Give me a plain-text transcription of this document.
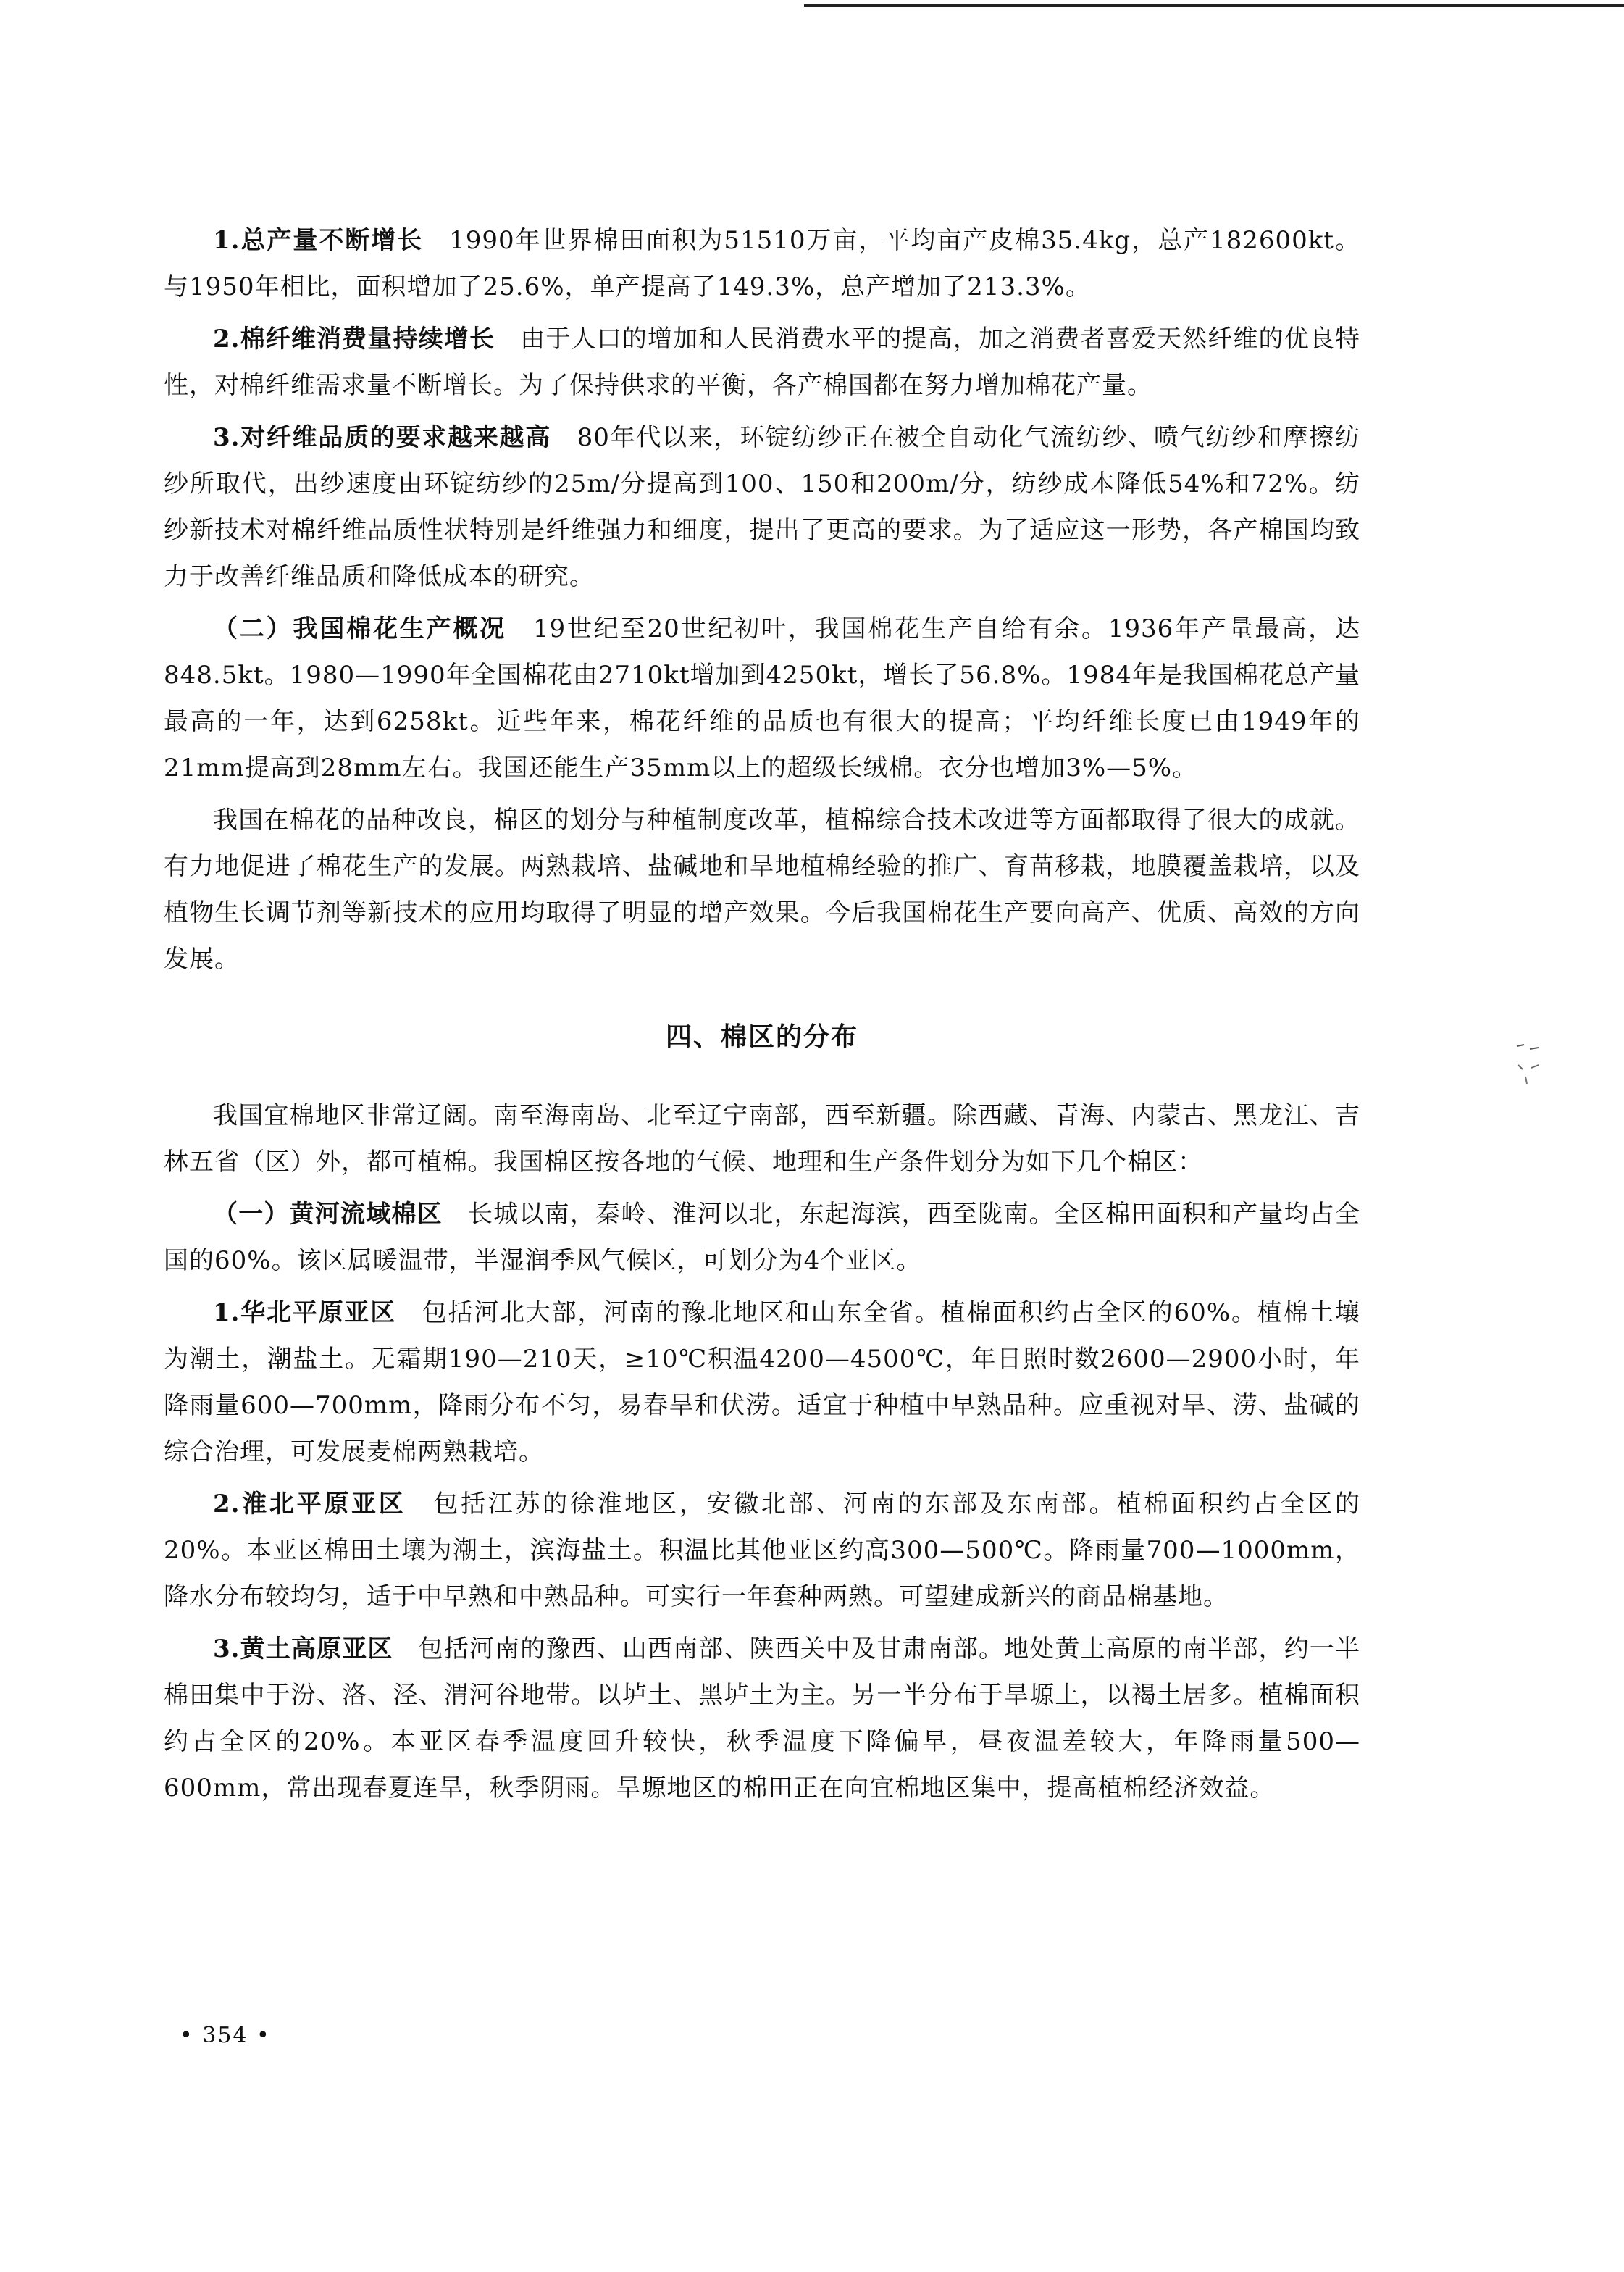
1.总产量不断增长　1990年世界棉田面积为51510万亩，平均亩产皮棉35.4kg，总产182600kt。与1950年相比，面积增加了25.6%，单产提高了149.3%，总产增加了213.3%。

2.棉纤维消费量持续增长　由于人口的增加和人民消费水平的提高，加之消费者喜爱天然纤维的优良特性，对棉纤维需求量不断增长。为了保持供求的平衡，各产棉国都在努力增加棉花产量。

3.对纤维品质的要求越来越高　80年代以来，环锭纺纱正在被全自动化气流纺纱、喷气纺纱和摩擦纺纱所取代，出纱速度由环锭纺纱的25m/分提高到100、150和200m/分，纺纱成本降低54%和72%。纺纱新技术对棉纤维品质性状特别是纤维强力和细度，提出了更高的要求。为了适应这一形势，各产棉国均致力于改善纤维品质和降低成本的研究。

（二）我国棉花生产概况　19世纪至20世纪初叶，我国棉花生产自给有余。1936年产量最高，达848.5kt。1980—1990年全国棉花由2710kt增加到4250kt，增长了56.8%。1984年是我国棉花总产量最高的一年，达到6258kt。近些年来，棉花纤维的品质也有很大的提高；平均纤维长度已由1949年的21mm提高到28mm左右。我国还能生产35mm以上的超级长绒棉。衣分也增加3%—5%。

我国在棉花的品种改良，棉区的划分与种植制度改革，植棉综合技术改进等方面都取得了很大的成就。有力地促进了棉花生产的发展。两熟栽培、盐碱地和旱地植棉经验的推广、育苗移栽，地膜覆盖栽培，以及植物生长调节剂等新技术的应用均取得了明显的增产效果。今后我国棉花生产要向高产、优质、高效的方向发展。

四、棉区的分布

我国宜棉地区非常辽阔。南至海南岛、北至辽宁南部，西至新疆。除西藏、青海、内蒙古、黑龙江、吉林五省（区）外，都可植棉。我国棉区按各地的气候、地理和生产条件划分为如下几个棉区：

（一）黄河流域棉区　长城以南，秦岭、淮河以北，东起海滨，西至陇南。全区棉田面积和产量均占全国的60%。该区属暖温带，半湿润季风气候区，可划分为4个亚区。

1.华北平原亚区　包括河北大部，河南的豫北地区和山东全省。植棉面积约占全区的60%。植棉土壤为潮土，潮盐土。无霜期190—210天，≥10℃积温4200—4500℃，年日照时数2600—2900小时，年降雨量600—700mm，降雨分布不匀，易春旱和伏涝。适宜于种植中早熟品种。应重视对旱、涝、盐碱的综合治理，可发展麦棉两熟栽培。

2.淮北平原亚区　包括江苏的徐淮地区，安徽北部、河南的东部及东南部。植棉面积约占全区的20%。本亚区棉田土壤为潮土，滨海盐土。积温比其他亚区约高300—500℃。降雨量700—1000mm，降水分布较均匀，适于中早熟和中熟品种。可实行一年套种两熟。可望建成新兴的商品棉基地。

3.黄土高原亚区　包括河南的豫西、山西南部、陕西关中及甘肃南部。地处黄土高原的南半部，约一半棉田集中于汾、洛、泾、渭河谷地带。以垆土、黑垆土为主。另一半分布于旱塬上，以褐土居多。植棉面积约占全区的20%。本亚区春季温度回升较快，秋季温度下降偏早，昼夜温差较大，年降雨量500—600mm，常出现春夏连旱，秋季阴雨。旱塬地区的棉田正在向宜棉地区集中，提高植棉经济效益。

• 354 •
